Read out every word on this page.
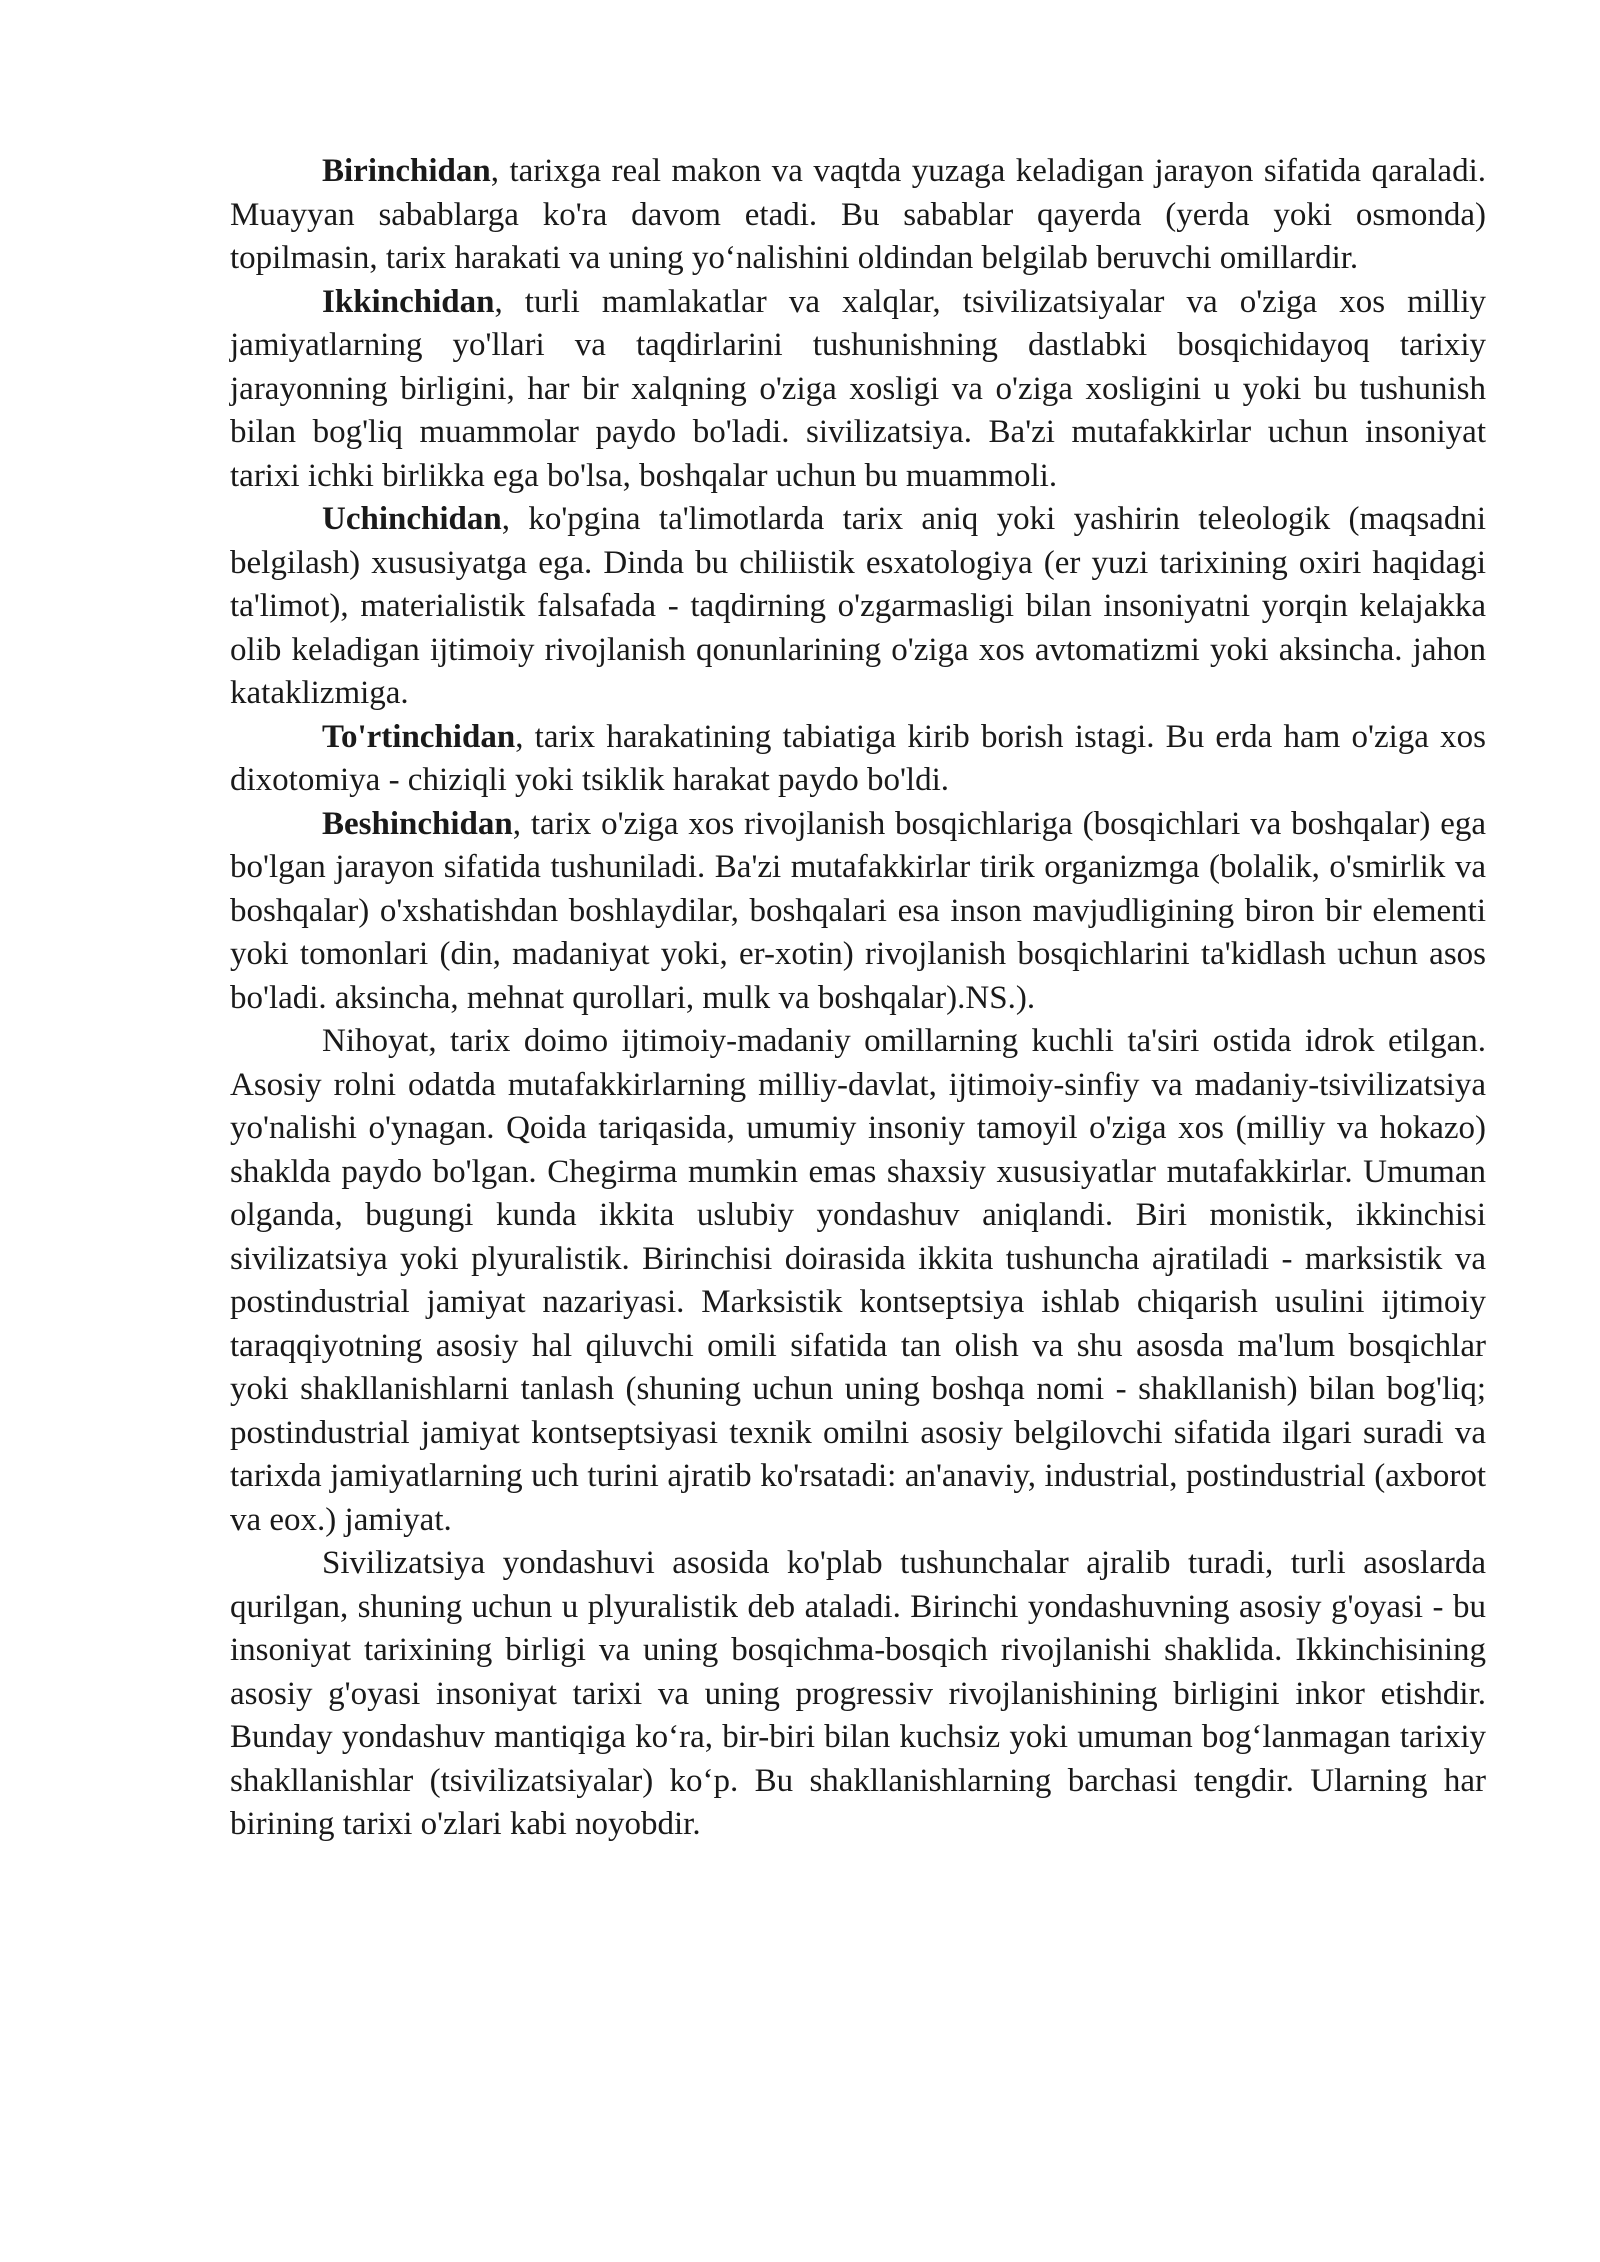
Birinchidan, tarixga real makon va vaqtda yuzaga keladigan jarayon sifatida qaraladi. Muayyan sabablarga ko'ra davom etadi. Bu sabablar qayerda (yerda yoki osmonda) topilmasin, tarix harakati va uning yo‘nalishini oldindan belgilab beruvchi omillardir.

Ikkinchidan, turli mamlakatlar va xalqlar, tsivilizatsiyalar va o'ziga xos milliy jamiyatlarning yo'llari va taqdirlarini tushunishning dastlabki bosqichidayoq tarixiy jarayonning birligini, har bir xalqning o'ziga xosligi va o'ziga xosligini u yoki bu tushunish bilan bog'liq muammolar paydo bo'ladi. sivilizatsiya. Ba'zi mutafakkirlar uchun insoniyat tarixi ichki birlikka ega bo'lsa, boshqalar uchun bu muammoli.

Uchinchidan, ko'pgina ta'limotlarda tarix aniq yoki yashirin teleologik (maqsadni belgilash) xususiyatga ega. Dinda bu chiliistik esxatologiya (er yuzi tarixining oxiri haqidagi ta'limot), materialistik falsafada - taqdirning o'zgarmasligi bilan insoniyatni yorqin kelajakka olib keladigan ijtimoiy rivojlanish qonunlarining o'ziga xos avtomatizmi yoki aksincha. jahon kataklizmiga.

To'rtinchidan, tarix harakatining tabiatiga kirib borish istagi. Bu erda ham o'ziga xos dixotomiya - chiziqli yoki tsiklik harakat paydo bo'ldi.

Beshinchidan, tarix o'ziga xos rivojlanish bosqichlariga (bosqichlari va boshqalar) ega bo'lgan jarayon sifatida tushuniladi. Ba'zi mutafakkirlar tirik organizmga (bolalik, o'smirlik va boshqalar) o'xshatishdan boshlaydilar, boshqalari esa inson mavjudligining biron bir elementi yoki tomonlari (din, madaniyat yoki, er-xotin) rivojlanish bosqichlarini ta'kidlash uchun asos bo'ladi. aksincha, mehnat qurollari, mulk va boshqalar).NS.).

Nihoyat, tarix doimo ijtimoiy-madaniy omillarning kuchli ta'siri ostida idrok etilgan. Asosiy rolni odatda mutafakkirlarning milliy-davlat, ijtimoiy-sinfiy va madaniy-tsivilizatsiya yo'nalishi o'ynagan. Qoida tariqasida, umumiy insoniy tamoyil o'ziga xos (milliy va hokazo) shaklda paydo bo'lgan. Chegirma mumkin emas shaxsiy xususiyatlar mutafakkirlar. Umuman olganda, bugungi kunda ikkita uslubiy yondashuv aniqlandi. Biri monistik, ikkinchisi sivilizatsiya yoki plyuralistik. Birinchisi doirasida ikkita tushuncha ajratiladi - marksistik va postindustrial jamiyat nazariyasi. Marksistik kontseptsiya ishlab chiqarish usulini ijtimoiy taraqqiyotning asosiy hal qiluvchi omili sifatida tan olish va shu asosda ma'lum bosqichlar yoki shakllanishlarni tanlash (shuning uchun uning boshqa nomi - shakllanish) bilan bog'liq; postindustrial jamiyat kontseptsiyasi texnik omilni asosiy belgilovchi sifatida ilgari suradi va tarixda jamiyatlarning uch turini ajratib ko'rsatadi: an'anaviy, industrial, postindustrial (axborot va eox.) jamiyat.

Sivilizatsiya yondashuvi asosida ko'plab tushunchalar ajralib turadi, turli asoslarda qurilgan, shuning uchun u plyuralistik deb ataladi. Birinchi yondashuvning asosiy g'oyasi - bu insoniyat tarixining birligi va uning bosqichma-bosqich rivojlanishi shaklida. Ikkinchisining asosiy g'oyasi insoniyat tarixi va uning progressiv rivojlanishining birligini inkor etishdir. Bunday yondashuv mantiqiga ko‘ra, bir-biri bilan kuchsiz yoki umuman bog‘lanmagan tarixiy shakllanishlar (tsivilizatsiyalar) ko‘p. Bu shakllanishlarning barchasi tengdir. Ularning har birining tarixi o'zlari kabi noyobdir.
